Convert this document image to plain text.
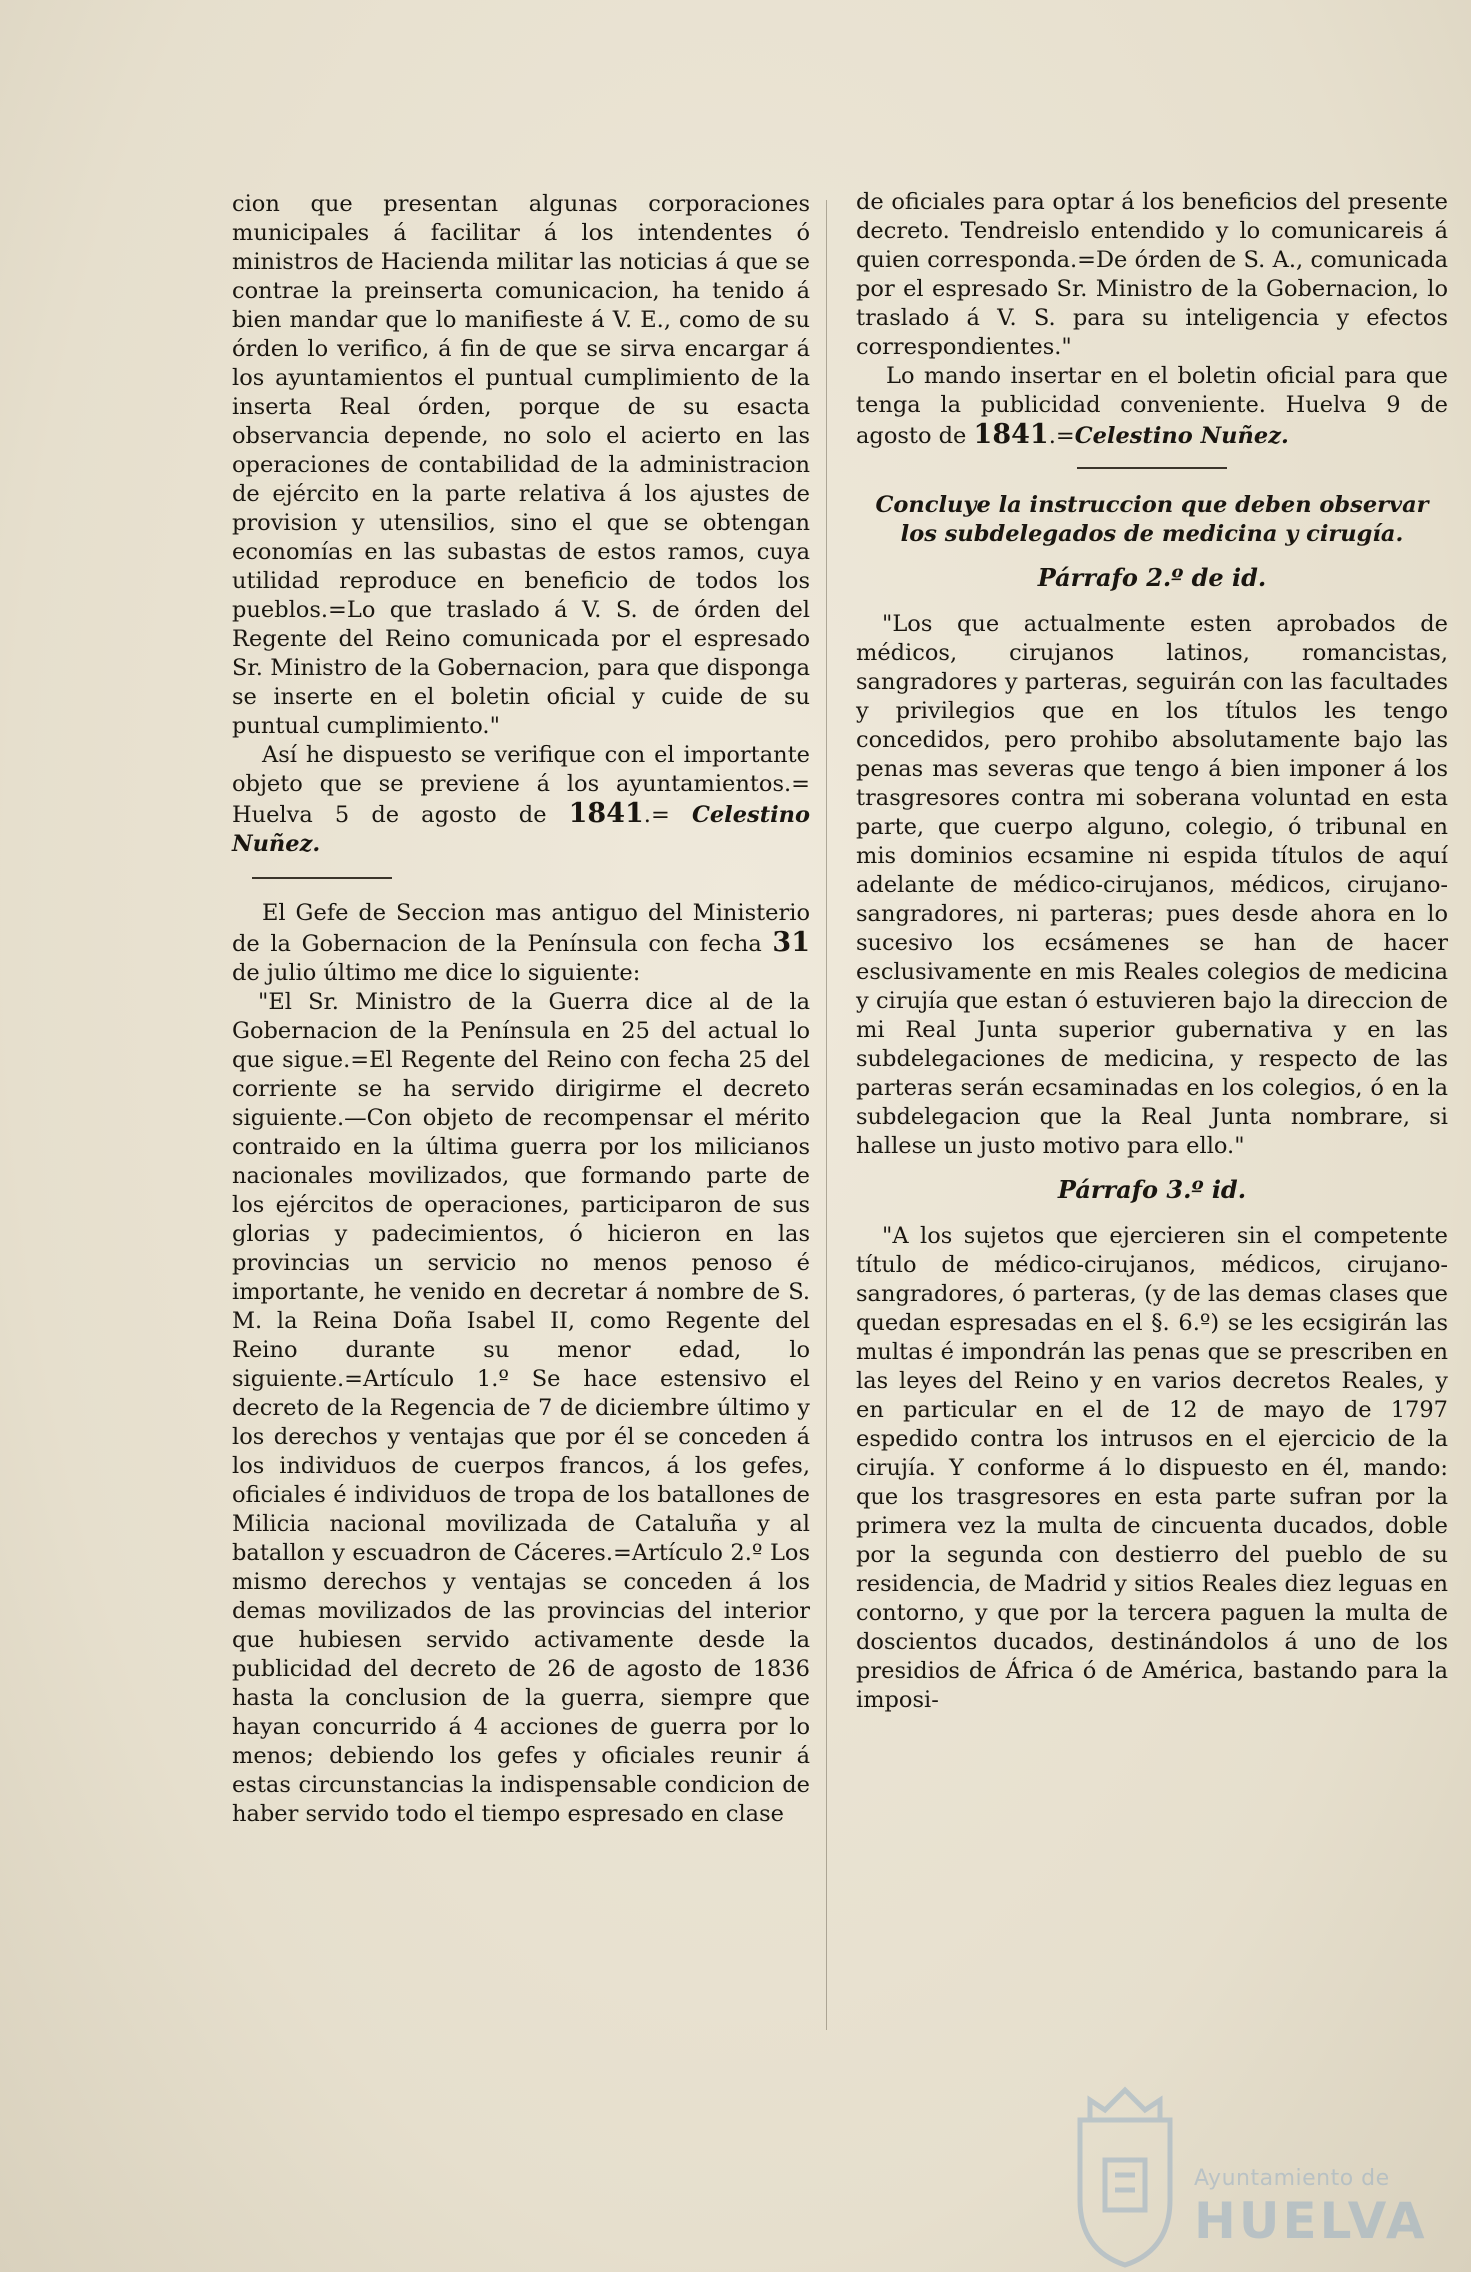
cion que presentan algunas corporaciones municipales á facilitar á los intendentes ó ministros de Hacienda militar las noticias á que se contrae la preinserta comunicacion, ha tenido á bien mandar que lo manifieste á V. E., como de su órden lo verifico, á fin de que se sirva encargar á los ayuntamientos el puntual cumplimiento de la inserta Real órden, porque de su esacta observancia depende, no solo el acierto en las operaciones de contabilidad de la administracion de ejército en la parte relativa á los ajustes de provision y utensilios, sino el que se obtengan economías en las subastas de estos ramos, cuya utilidad reproduce en beneficio de todos los pueblos.=Lo que traslado á V. S. de órden del Regente del Reino comunicada por el espresado Sr. Ministro de la Gobernacion, para que disponga se inserte en el boletin oficial y cuide de su puntual cumplimiento."

Así he dispuesto se verifique con el importante objeto que se previene á los ayuntamientos.= Huelva 5 de agosto de 1841.= Celestino Nuñez.

El Gefe de Seccion mas antiguo del Ministerio de la Gobernacion de la Península con fecha 31 de julio último me dice lo siguiente:

"El Sr. Ministro de la Guerra dice al de la Gobernacion de la Península en 25 del actual lo que sigue.=El Regente del Reino con fecha 25 del corriente se ha servido dirigirme el decreto siguiente.—Con objeto de recompensar el mérito contraido en la última guerra por los milicianos nacionales movilizados, que formando parte de los ejércitos de operaciones, participaron de sus glorias y padecimientos, ó hicieron en las provincias un servicio no menos penoso é importante, he venido en decretar á nombre de S. M. la Reina Doña Isabel II, como Regente del Reino durante su menor edad, lo siguiente.=Artículo 1.º Se hace estensivo el decreto de la Regencia de 7 de diciembre último y los derechos y ventajas que por él se conceden á los individuos de cuerpos francos, á los gefes, oficiales é individuos de tropa de los batallones de Milicia nacional movilizada de Cataluña y al batallon y escuadron de Cáceres.=Artículo 2.º Los mismo derechos y ventajas se conceden á los demas movilizados de las provincias del interior que hubiesen servido activamente desde la publicidad del decreto de 26 de agosto de 1836 hasta la conclusion de la guerra, siempre que hayan concurrido á 4 acciones de guerra por lo menos; debiendo los gefes y oficiales reunir á estas circunstancias la indispensable condicion de haber servido todo el tiempo espresado en clase

de oficiales para optar á los beneficios del presente decreto. Tendreislo entendido y lo comunicareis á quien corresponda.=De órden de S. A., comunicada por el espresado Sr. Ministro de la Gobernacion, lo traslado á V. S. para su inteligencia y efectos correspondientes."

Lo mando insertar en el boletin oficial para que tenga la publicidad conveniente. Huelva 9 de agosto de 1841.=Celestino Nuñez.

Concluye la instruccion que deben observar los subdelegados de medicina y cirugía.

Párrafo 2.º de id.

"Los que actualmente esten aprobados de médicos, cirujanos latinos, romancistas, sangradores y parteras, seguirán con las facultades y privilegios que en los títulos les tengo concedidos, pero prohibo absolutamente bajo las penas mas severas que tengo á bien imponer á los trasgresores contra mi soberana voluntad en esta parte, que cuerpo alguno, colegio, ó tribunal en mis dominios ecsamine ni espida títulos de aquí adelante de médico-cirujanos, médicos, cirujano-sangradores, ni parteras; pues desde ahora en lo sucesivo los ecsámenes se han de hacer esclusivamente en mis Reales colegios de medicina y cirujía que estan ó estuvieren bajo la direccion de mi Real Junta superior gubernativa y en las subdelegaciones de medicina, y respecto de las parteras serán ecsaminadas en los colegios, ó en la subdelegacion que la Real Junta nombrare, si hallese un justo motivo para ello."

Párrafo 3.º id.

"A los sujetos que ejercieren sin el competente título de médico-cirujanos, médicos, cirujano-sangradores, ó parteras, (y de las demas clases que quedan espresadas en el §. 6.º) se les ecsigirán las multas é impondrán las penas que se prescriben en las leyes del Reino y en varios decretos Reales, y en particular en el de 12 de mayo de 1797 espedido contra los intrusos en el ejercicio de la cirujía. Y conforme á lo dispuesto en él, mando: que los trasgresores en esta parte sufran por la primera vez la multa de cincuenta ducados, doble por la segunda con destierro del pueblo de su residencia, de Madrid y sitios Reales diez leguas en contorno, y que por la tercera paguen la multa de doscientos ducados, destinándolos á uno de los presidios de África ó de América, bastando para la imposi-

Ayuntamiento de
HUELVA
